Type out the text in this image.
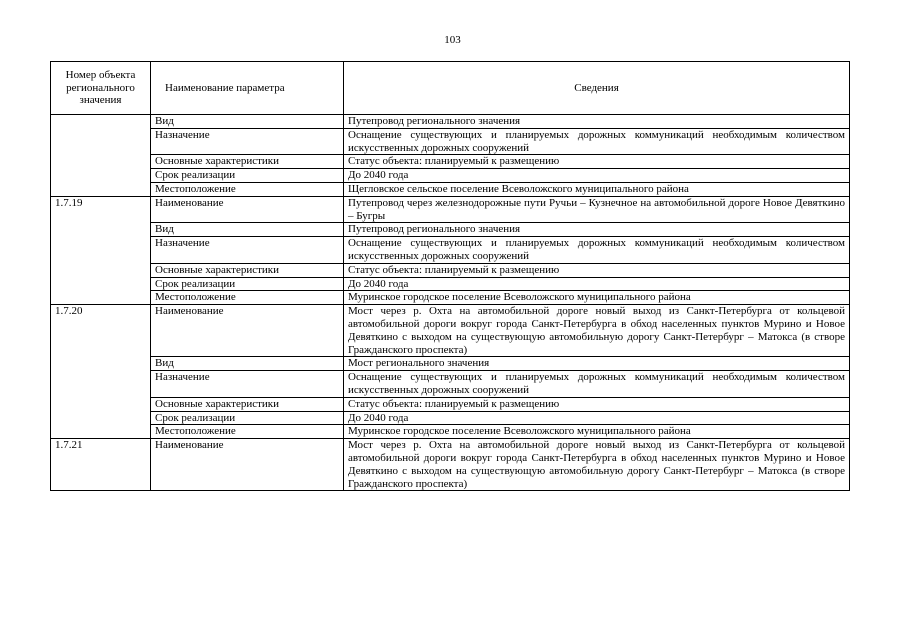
103
Номер объекта регионального значения	Наименование параметра	Сведения
	Вид	Путепровод регионального значения
	Назначение	Оснащение существующих и планируемых дорожных коммуникаций необходимым количеством искусственных дорожных сооружений
	Основные характеристики	Статус объекта: планируемый к размещению
	Срок реализации	До 2040 года
	Местоположение	Щегловское сельское поселение Всеволожского муниципального района
1.7.19	Наименование	Путепровод через железнодорожные пути Ручьи – Кузнечное на автомобильной дороге Новое Девяткино – Бугры
	Вид	Путепровод регионального значения
	Назначение	Оснащение существующих и планируемых дорожных коммуникаций необходимым количеством искусственных дорожных сооружений
	Основные характеристики	Статус объекта: планируемый к размещению
	Срок реализации	До 2040 года
	Местоположение	Муринское городское поселение Всеволожского муниципального района
1.7.20	Наименование	Мост через р. Охта на автомобильной дороге новый выход из Санкт-Петербурга от кольцевой автомобильной дороги вокруг города Санкт-Петербурга в обход населенных пунктов Мурино и Новое Девяткино с выходом на существующую автомобильную дорогу Санкт-Петербург – Матокса (в створе Гражданского проспекта)
	Вид	Мост регионального значения
	Назначение	Оснащение существующих и планируемых дорожных коммуникаций необходимым количеством искусственных дорожных сооружений
	Основные характеристики	Статус объекта: планируемый к размещению
	Срок реализации	До 2040 года
	Местоположение	Муринское городское поселение Всеволожского муниципального района
1.7.21	Наименование	Мост через р. Охта на автомобильной дороге новый выход из Санкт-Петербурга от кольцевой автомобильной дороги вокруг города Санкт-Петербурга в обход населенных пунктов Мурино и Новое Девяткино с выходом на существующую автомобильную дорогу Санкт-Петербург – Матокса (в створе Гражданского проспекта)
